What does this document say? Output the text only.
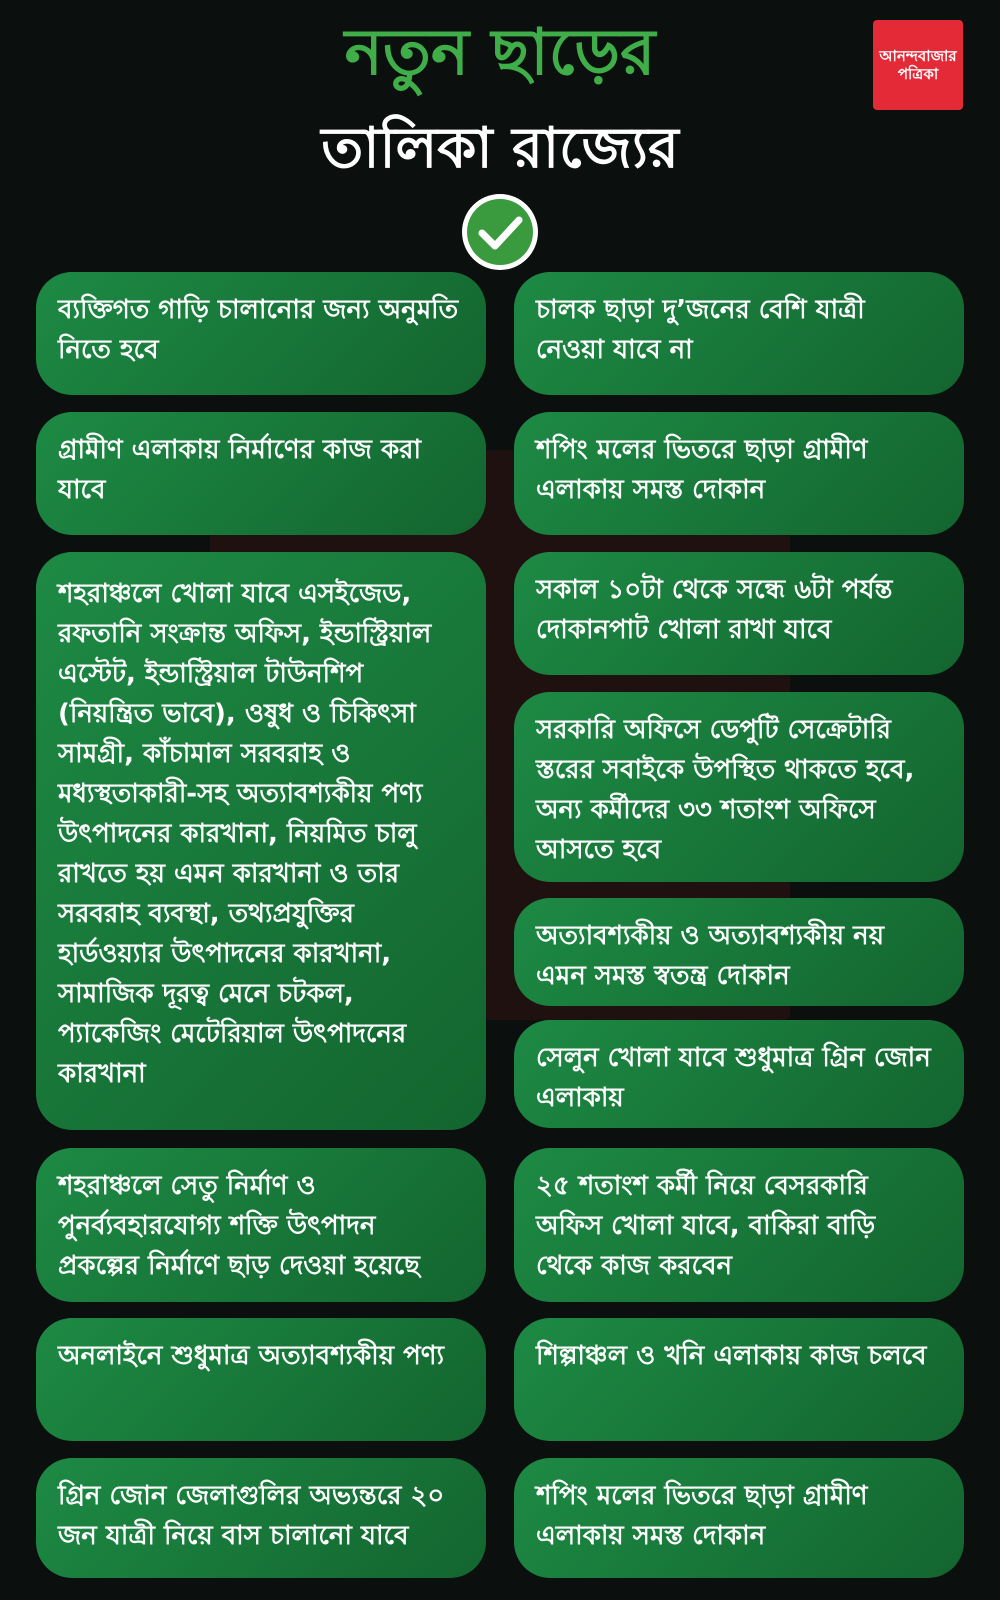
নতুন ছাড়ের
তালিকা রাজ্যের
আনন্দবাজার
পত্রিকা
ব্যক্তিগত গাড়ি চালানোর জন্য অনুমতি নিতে হবে
গ্রামীণ এলাকায় নির্মাণের কাজ করা যাবে
শহরাঞ্চলে খোলা যাবে এসইজেড, রফতানি সংক্রান্ত অফিস, ইন্ডাস্ট্রিয়াল এস্টেট, ইন্ডাস্ট্রিয়াল টাউনশিপ (নিয়ন্ত্রিত ভাবে), ওষুধ ও চিকিৎসা সামগ্রী, কাঁচামাল সরবরাহ ও মধ্যস্থতাকারী-সহ অত্যাবশ্যকীয় পণ্য উৎপাদনের কারখানা, নিয়মিত চালু রাখতে হয় এমন কারখানা ও তার সরবরাহ ব্যবস্থা, তথ্যপ্রযুক্তির হার্ডওয়্যার উৎপাদনের কারখানা, সামাজিক দূরত্ব মেনে চটকল, প্যাকেজিং মেটেরিয়াল উৎপাদনের কারখানা
শহরাঞ্চলে সেতু নির্মাণ ও পুনর্ব্যবহারযোগ্য শক্তি উৎপাদন প্রকল্পের নির্মাণে ছাড় দেওয়া হয়েছে
অনলাইনে শুধুমাত্র অত্যাবশ্যকীয় পণ্য
গ্রিন জোন জেলাগুলির অভ্যন্তরে ২০ জন যাত্রী নিয়ে বাস চালানো যাবে
চালক ছাড়া দু’জনের বেশি যাত্রী নেওয়া যাবে না
শপিং মলের ভিতরে ছাড়া গ্রামীণ এলাকায় সমস্ত দোকান
সকাল ১০টা থেকে সন্ধে ৬টা পর্যন্ত দোকানপাট খোলা রাখা যাবে
সরকারি অফিসে ডেপুটি সেক্রেটারি স্তরের সবাইকে উপস্থিত থাকতে হবে, অন্য কর্মীদের ৩৩ শতাংশ অফিসে আসতে হবে
অত্যাবশ্যকীয় ও অত্যাবশ্যকীয় নয় এমন সমস্ত স্বতন্ত্র দোকান
সেলুন খোলা যাবে শুধুমাত্র গ্রিন জোন এলাকায়
২৫ শতাংশ কর্মী নিয়ে বেসরকারি অফিস খোলা যাবে, বাকিরা বাড়ি থেকে কাজ করবেন
শিল্পাঞ্চল ও খনি এলাকায় কাজ চলবে
শপিং মলের ভিতরে ছাড়া গ্রামীণ এলাকায় সমস্ত দোকান
